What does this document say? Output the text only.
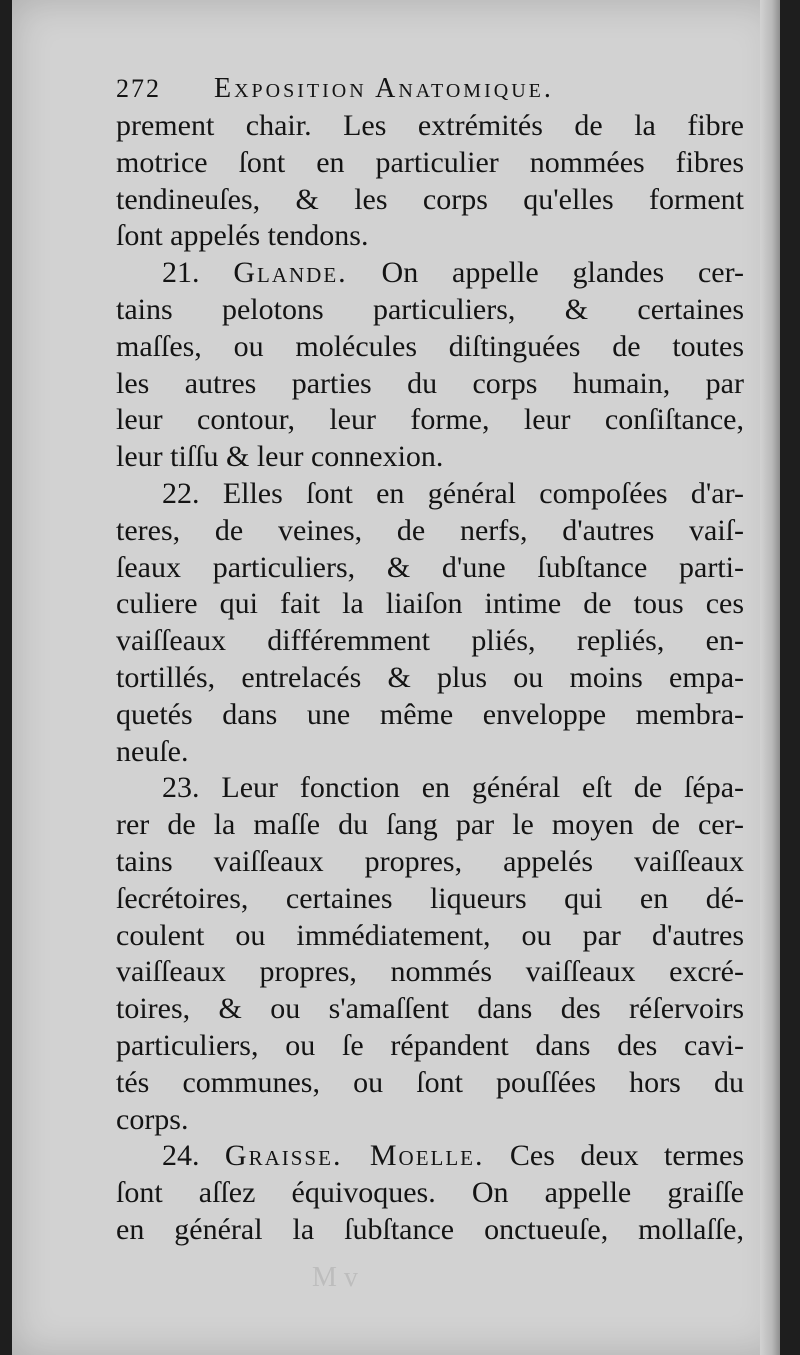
272	Exposition Anatomique.
prement chair. Les extrémités de la fibre
motrice ſont en particulier nommées fibres
tendineuſes, & les corps qu'elles forment
ſont appelés tendons.
21. Glande. On appelle glandes cer-
tains pelotons particuliers, & certaines
maſſes, ou molécules diſtinguées de toutes
les autres parties du corps humain, par
leur contour, leur forme, leur conſiſtance,
leur tiſſu & leur connexion.
22. Elles ſont en général compoſées d'ar-
teres, de veines, de nerfs, d'autres vaiſ-
ſeaux particuliers, & d'une ſubſtance parti-
culiere qui fait la liaiſon intime de tous ces
vaiſſeaux différemment pliés, repliés, en-
tortillés, entrelacés & plus ou moins empa-
quetés dans une même enveloppe membra-
neuſe.
23. Leur fonction en général eſt de ſépa-
rer de la maſſe du ſang par le moyen de cer-
tains vaiſſeaux propres, appelés vaiſſeaux
ſecrétoires, certaines liqueurs qui en dé-
coulent ou immédiatement, ou par d'autres
vaiſſeaux propres, nommés vaiſſeaux excré-
toires, & ou s'amaſſent dans des réſervoirs
particuliers, ou ſe répandent dans des cavi-
tés communes, ou ſont pouſſées hors du
corps.
24. Graisse. Moelle. Ces deux termes
ſont aſſez équivoques. On appelle graiſſe
en général la ſubſtance onctueuſe, mollaſſe,
M v
